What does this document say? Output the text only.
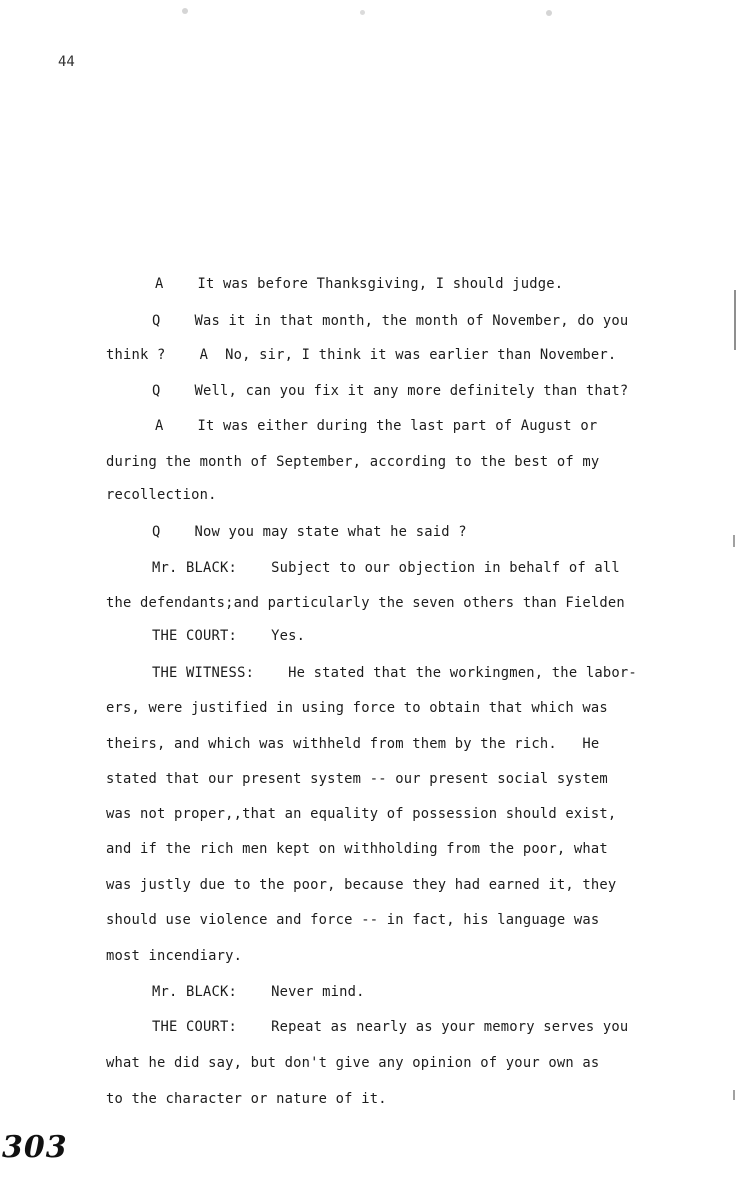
44
A    It was before Thanksgiving, I should judge.
Q    Was it in that month, the month of November, do you
think ?    A  No, sir, I think it was earlier than November.
Q    Well, can you fix it any more definitely than that?
A    It was either during the last part of August or
during the month of September, according to the best of my
recollection.
Q    Now you may state what he said ?
Mr. BLACK:    Subject to our objection in behalf of all
the defendants;and particularly the seven others than Fielden
THE COURT:    Yes.
THE WITNESS:    He stated that the workingmen, the labor-
ers, were justified in using force to obtain that which was
theirs, and which was withheld from them by the rich.   He
stated that our present system -- our present social system
was not proper,,that an equality of possession should exist,
and if the rich men kept on withholding from the poor, what
was justly due to the poor, because they had earned it, they
should use violence and force -- in fact, his language was
most incendiary.
Mr. BLACK:    Never mind.
THE COURT:    Repeat as nearly as your memory serves you
what he did say, but don't give any opinion of your own as
to the character or nature of it.
303
